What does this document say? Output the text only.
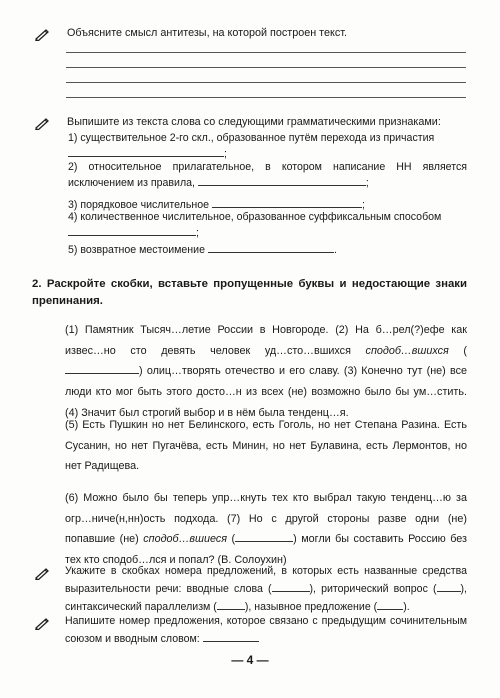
Объясните смысл антитезы, на которой построен текст.
Выпишите из текста слова со следующими грамматическими признаками:
1) существительное 2-го скл., образованное путём перехода из причастия
;
2) относительное прилагательное, в котором написание НН является исключением из правила,	;
3) порядковое числительное	;
4) количественное числительное, образованное суффиксальным способом
;
5) возвратное местоимение	.
2. Раскройте скобки, вставьте пропущенные буквы и недостающие знаки препинания.
(1) Памятник Тысяч…летие России в Новгороде. (2) На б…рел(?)ефе как извес…но сто девять человек уд…сто…вшихся сподоб…вшихся () олиц…творять отечество и его славу. (3) Конечно тут (не) все люди кто мог быть этого досто…н из всех (не) возможно было бы ум…стить. (4) Значит был строгий выбор и в нём была тенденц…я.
(5) Есть Пушкин но нет Белинского, есть Гоголь, но нет Степана Разина. Есть Сусанин, но нет Пугачёва, есть Минин, но нет Булавина, есть Лермонтов, но нет Радищева.
(6) Можно было бы теперь упр…кнуть тех кто выбрал такую тенденц…ю за огр…ниче(н,нн)ость подхода. (7) Но с другой стороны разве одни (не) попавшие (не) сподоб…вшиеся (	) могли бы составить Россию без тех кто сподоб…лся и попал? (В. Солоухин)
Укажите в скобках номера предложений, в которых есть названные средства выразительности речи: вводные слова (	), риторический вопрос ( ), синтаксический параллелизм (	), назывное предложение ( ).
Напишите номер предложения, которое связано с предыдущим сочинительным союзом и вводным словом:
— 4 —
